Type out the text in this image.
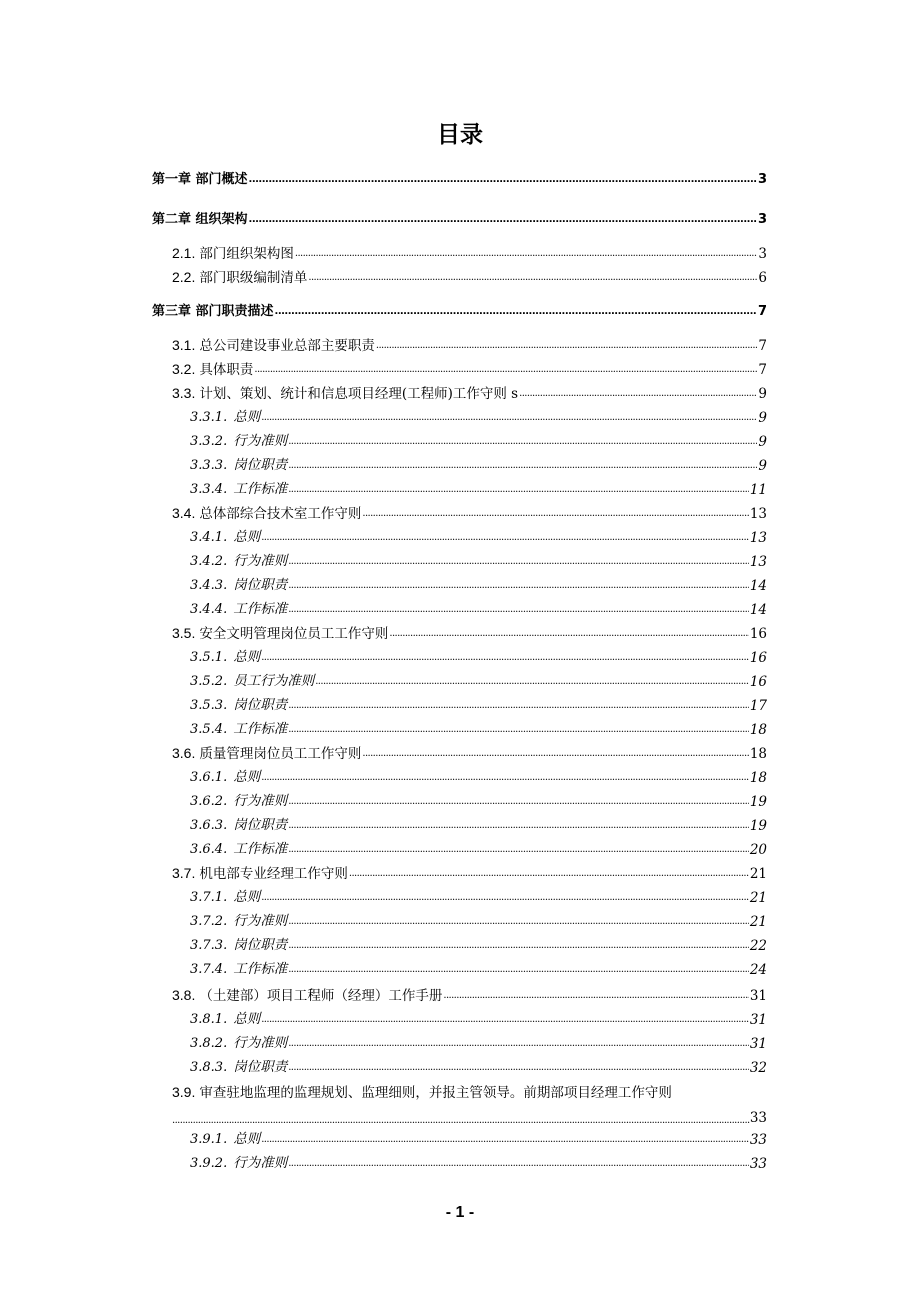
目录
第一章 部门概述 .....	3
第二章 组织架构 .....	3
2.1. 部门组织架构图 .....	3
2.2. 部门职级编制清单 .....	6
第三章 部门职责描述 .....	7
3.1. 总公司建设事业总部主要职责 .....	7
3.2. 具体职责 .....	7
3.3. 计划、策划、统计和信息项目经理(工程师)工作守则 s .....	9
3.3.1. 总则 .....	9
3.3.2. 行为准则 .....	9
3.3.3. 岗位职责 .....	9
3.3.4. 工作标准 .....	11
3.4. 总体部综合技术室工作守则 .....	13
3.4.1. 总则 .....	13
3.4.2. 行为准则 .....	13
3.4.3. 岗位职责 .....	14
3.4.4. 工作标准 .....	14
3.5. 安全文明管理岗位员工工作守则 .....	16
3.5.1. 总则 .....	16
3.5.2. 员工行为准则 .....	16
3.5.3. 岗位职责 .....	17
3.5.4. 工作标准 .....	18
3.6. 质量管理岗位员工工作守则 .....	18
3.6.1. 总则 .....	18
3.6.2. 行为准则 .....	19
3.6.3. 岗位职责 .....	19
3.6.4. 工作标准 .....	20
3.7. 机电部专业经理工作守则 .....	21
3.7.1. 总则 .....	21
3.7.2. 行为准则 .....	21
3.7.3. 岗位职责 .....	22
3.7.4. 工作标准 .....	24
3.8. （土建部）项目工程师（经理）工作手册 .....	31
3.8.1. 总则 .....	31
3.8.2. 行为准则 .....	31
3.8.3. 岗位职责 .....	32
3.9. 审查驻地监理的监理规划、监理细则，并报主管领导。前期部项目经理工作守则
.....
33
3.9.1. 总则 .....	33
3.9.2. 行为准则 .....	33
- 1 -
